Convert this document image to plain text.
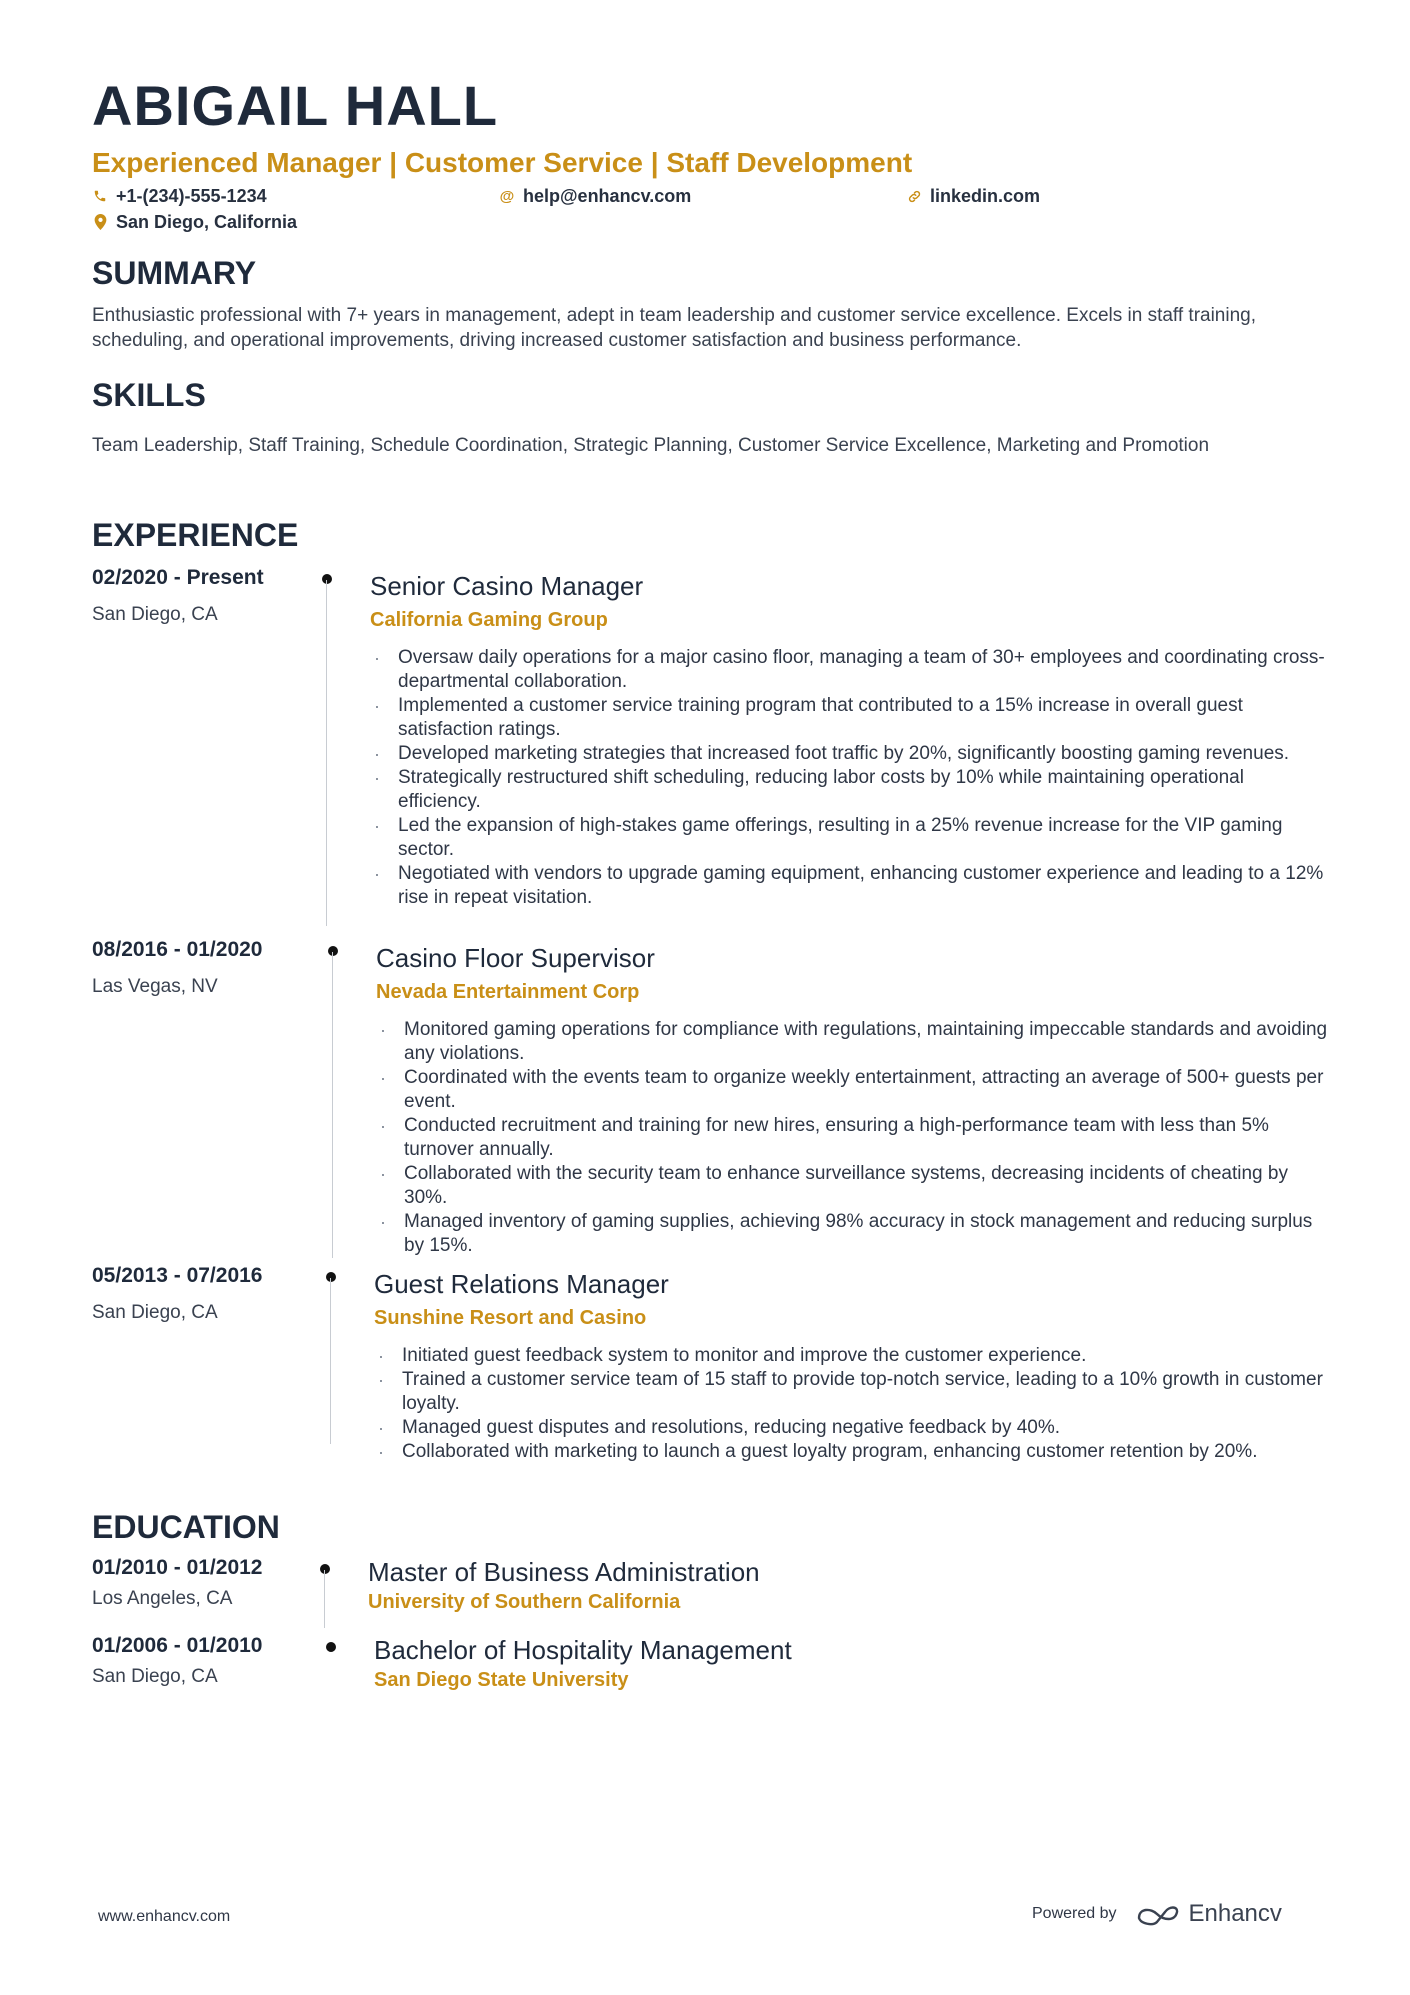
ABIGAIL HALL
Experienced Manager | Customer Service | Staff Development
+1-(234)-555-1234	@ help@enhancv.com	linkedin.com
San Diego, California
SUMMARY
Enthusiastic professional with 7+ years in management, adept in team leadership and customer service excellence. Excels in staff training, scheduling, and operational improvements, driving increased customer satisfaction and business performance.
SKILLS
Team Leadership, Staff Training, Schedule Coordination, Strategic Planning, Customer Service Excellence, Marketing and Promotion
EXPERIENCE
02/2020 - Present
San Diego, CA
Senior Casino Manager
California Gaming Group
· Oversaw daily operations for a major casino floor, managing a team of 30+ employees and coordinating cross-departmental collaboration.
· Implemented a customer service training program that contributed to a 15% increase in overall guest satisfaction ratings.
· Developed marketing strategies that increased foot traffic by 20%, significantly boosting gaming revenues.
· Strategically restructured shift scheduling, reducing labor costs by 10% while maintaining operational efficiency.
· Led the expansion of high-stakes game offerings, resulting in a 25% revenue increase for the VIP gaming sector.
· Negotiated with vendors to upgrade gaming equipment, enhancing customer experience and leading to a 12% rise in repeat visitation.
08/2016 - 01/2020
Las Vegas, NV
Casino Floor Supervisor
Nevada Entertainment Corp
· Monitored gaming operations for compliance with regulations, maintaining impeccable standards and avoiding any violations.
· Coordinated with the events team to organize weekly entertainment, attracting an average of 500+ guests per event.
· Conducted recruitment and training for new hires, ensuring a high-performance team with less than 5% turnover annually.
· Collaborated with the security team to enhance surveillance systems, decreasing incidents of cheating by 30%.
· Managed inventory of gaming supplies, achieving 98% accuracy in stock management and reducing surplus by 15%.
05/2013 - 07/2016
San Diego, CA
Guest Relations Manager
Sunshine Resort and Casino
· Initiated guest feedback system to monitor and improve the customer experience.
· Trained a customer service team of 15 staff to provide top-notch service, leading to a 10% growth in customer loyalty.
· Managed guest disputes and resolutions, reducing negative feedback by 40%.
· Collaborated with marketing to launch a guest loyalty program, enhancing customer retention by 20%.
EDUCATION
01/2010 - 01/2012
Los Angeles, CA
Master of Business Administration
University of Southern California
01/2006 - 01/2010
San Diego, CA
Bachelor of Hospitality Management
San Diego State University
www.enhancv.com	Powered by	Enhancv
